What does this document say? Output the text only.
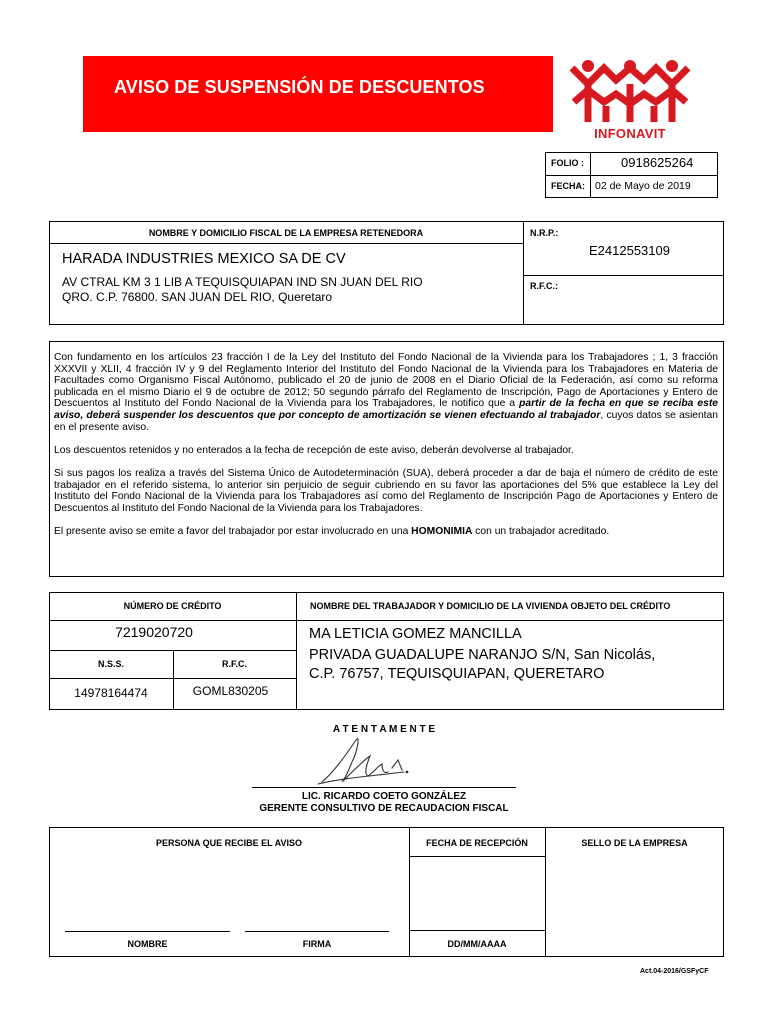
AVISO DE SUSPENSIÓN DE DESCUENTOS
INFONAVIT
FOLIO :	0918625264
FECHA: 02 de Mayo de 2019
NOMBRE Y DOMICILIO FISCAL DE LA EMPRESA RETENEDORA
HARADA INDUSTRIES MEXICO SA DE CV
AV CTRAL KM 3 1 LIB A TEQUISQUIAPAN IND SN JUAN DEL RIO
QRO. C.P. 76800. SAN JUAN DEL RIO, Queretaro
N.R.P.:
E2412553109
R.F.C.:

Con fundamento en los artículos 23 fracción I de la Ley del Instituto del Fondo Nacional de la Vivienda para los Trabajadores ; 1, 3 fracción XXXVII y XLII, 4 fracción IV y 9 del Reglamento Interior del Instituto del Fondo Nacional de la Vivienda para los Trabajadores en Materia de Facultades como Organismo Fiscal Autónomo, publicado el 20 de junio de 2008 en el Diario Oficial de la Federación, así como su reforma publicada en el mismo Diario el 9 de octubre de 2012; 50 segundo párrafo del Reglamento de Inscripción, Pago de Aportaciones y Entero de Descuentos al Instituto del Fondo Nacional de la Vivienda para los Trabajadores, le notifico que a partir de la fecha en que se reciba este aviso, deberá suspender los descuentos que por concepto de amortización se vienen efectuando al trabajador, cuyos datos se asientan en el presente aviso.

Los descuentos retenidos y no enterados a la fecha de recepción de este aviso, deberán devolverse al trabajador.

Si sus pagos los realiza a través del Sistema Único de Autodeterminación (SUA), deberá proceder a dar de baja el número de crédito de este trabajador en el referido sistema, lo anterior sin perjuicio de seguir cubriendo en su favor las aportaciones del 5% que establece la Ley del Instituto del Fondo Nacional de la Vivienda para los Trabajadores así como del Reglamento de Inscripción Pago de Aportaciones y Entero de Descuentos al Instituto del Fondo Nacional de la Vivienda para los Trabajadores.

El presente aviso se emite a favor del trabajador por estar involucrado en una HOMONIMIA con un trabajador acreditado.

NÚMERO DE CRÉDITO
7219020720
N.S.S.	R.F.C.
14978164474	GOML830205
NOMBRE DEL TRABAJADOR Y DOMICILIO DE LA VIVIENDA OBJETO DEL CRÉDITO
MA LETICIA GOMEZ MANCILLA
PRIVADA GUADALUPE NARANJO S/N, San Nicolás,
C.P. 76757, TEQUISQUIAPAN, QUERETARO
A T E N T A M E N T E
LIC. RICARDO COETO GONZÁLEZ
GERENTE CONSULTIVO DE RECAUDACION FISCAL
PERSONA QUE RECIBE EL AVISO	FECHA DE RECEPCIÓN	SELLO DE LA EMPRESA
NOMBRE	FIRMA	DD/MM/AAAA
Act.04-2016/GSFyCF
